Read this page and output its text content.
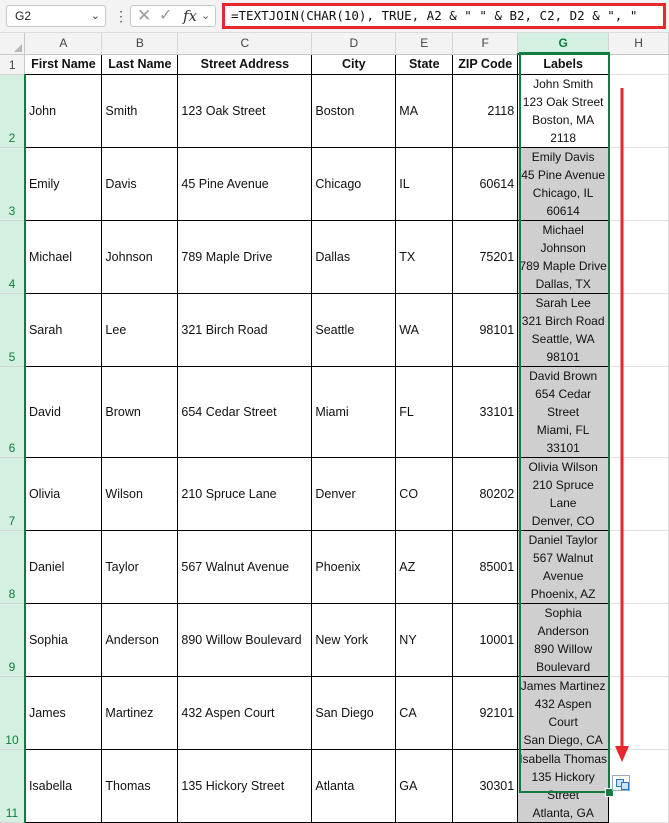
G2	⌄ ⋮ ✕ ✓ fx ⌄	=TEXTJOIN(CHAR(10), TRUE, A2 & " " & B2, C2, D2 & ", "
	A	B	C	D	E	F	G	H
1	First Name	Last Name	Street Address	City	State	ZIP Code	Labels	
2	John	Smith	123 Oak Street	Boston	MA	2118	John Smith
123 Oak Street
Boston, MA
2118	
3	Emily	Davis	45 Pine Avenue	Chicago	IL	60614	Emily Davis
45 Pine Avenue
Chicago, IL
60614	
4	Michael	Johnson	789 Maple Drive	Dallas	TX	75201	Michael
Johnson
789 Maple Drive
Dallas, TX	
5	Sarah	Lee	321 Birch Road	Seattle	WA	98101	Sarah Lee
321 Birch Road
Seattle, WA
98101	
6	David	Brown	654 Cedar Street	Miami	FL	33101	David Brown
654 Cedar
Street
Miami, FL 33101	
7	Olivia	Wilson	210 Spruce Lane	Denver	CO	80202	Olivia Wilson
210 Spruce
Lane
Denver, CO	
8	Daniel	Taylor	567 Walnut Avenue	Phoenix	AZ	85001	Daniel Taylor
567 Walnut
Avenue
Phoenix, AZ	
9	Sophia	Anderson	890 Willow Boulevard	New York	NY	10001	Sophia
Anderson
890 Willow
Boulevard	
10	James	Martinez	432 Aspen Court	San Diego	CA	92101	James Martinez
432 Aspen
Court
San Diego, CA	
11	Isabella	Thomas	135 Hickory Street	Atlanta	GA	30301	Isabella Thomas
135 Hickory
Street
Atlanta, GA	
